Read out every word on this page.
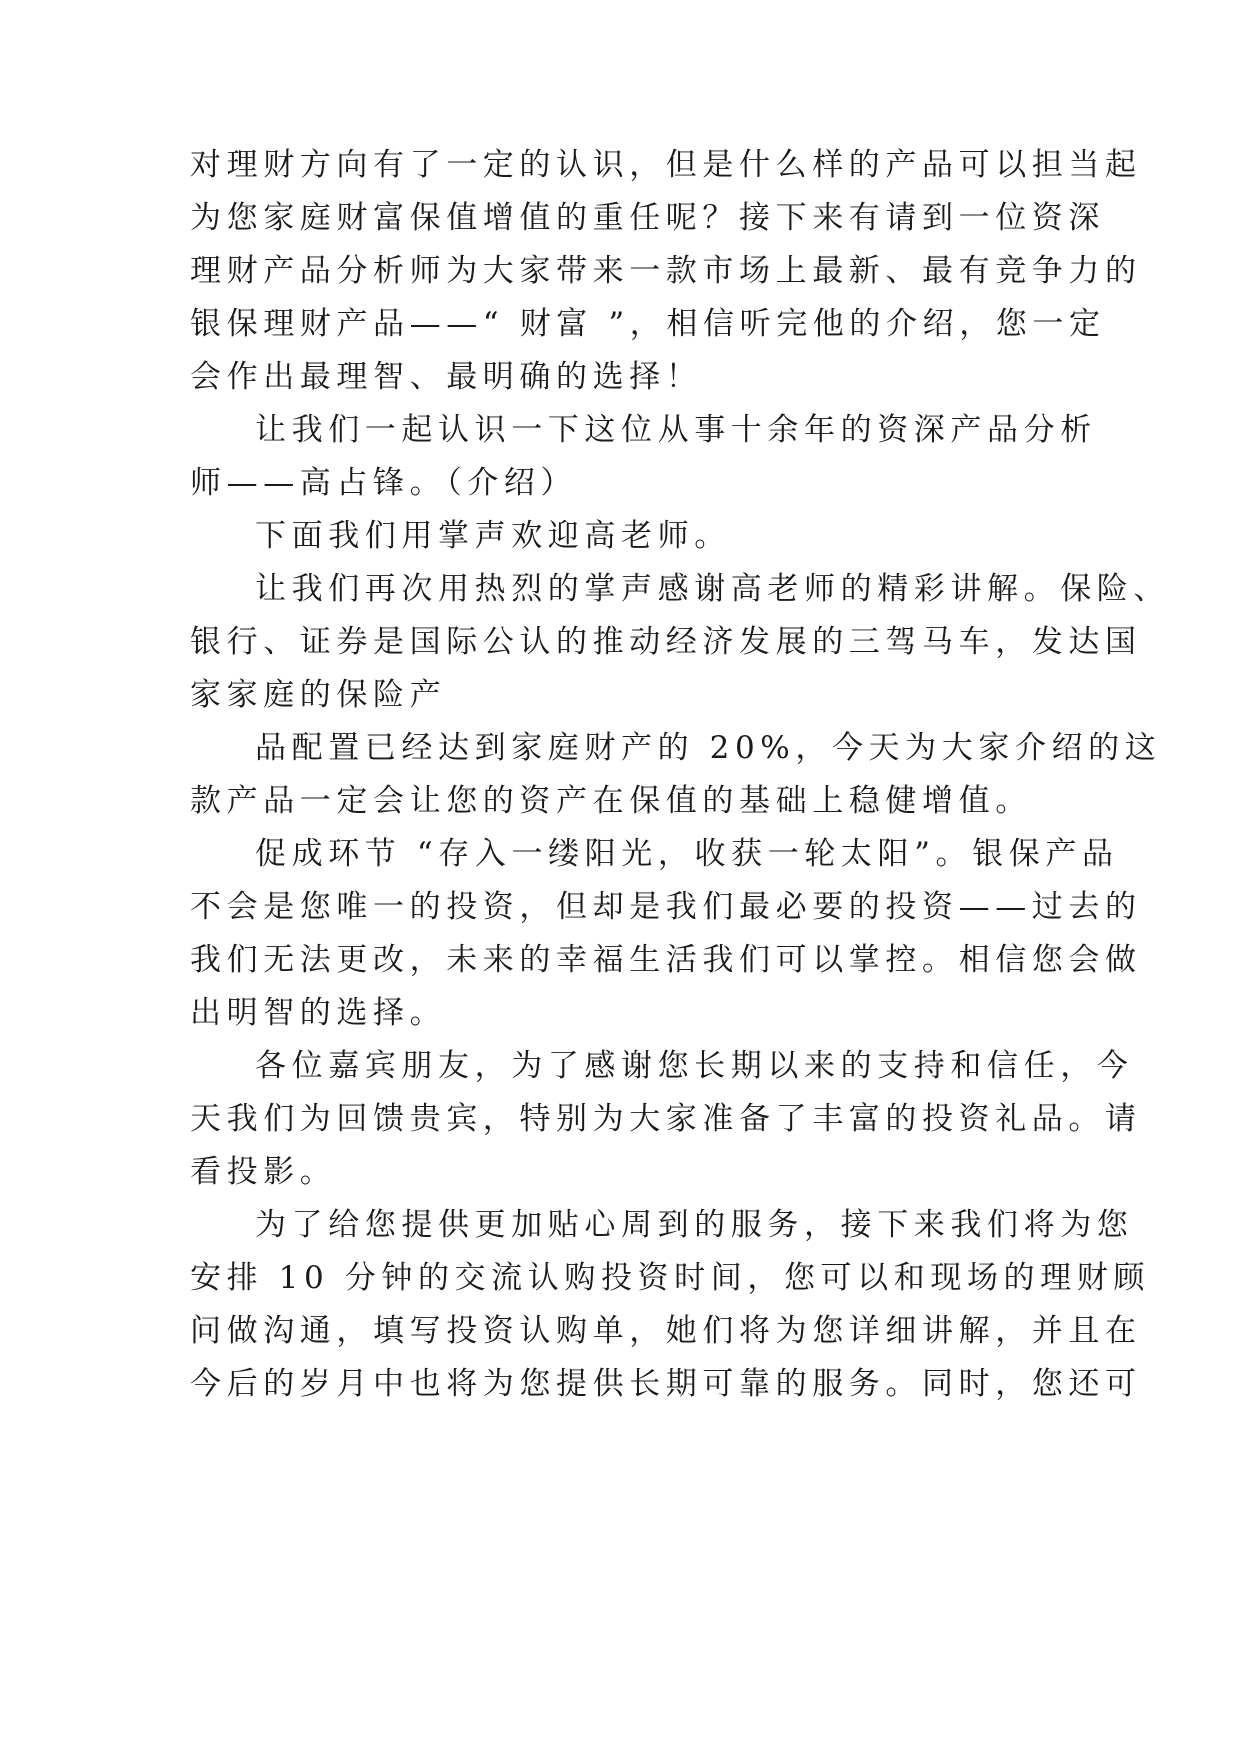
对理财方向有了一定的认识，但是什么样的产品可以担当起

为您家庭财富保值增值的重任呢？接下来有请到一位资深

理财产品分析师为大家带来一款市场上最新、最有竞争力的

银保理财产品——“ 财富 ”，相信听完他的介绍，您一定

会作出最理智、最明确的选择！

让我们一起认识一下这位从事十余年的资深产品分析

师——高占锋。（介绍）

下面我们用掌声欢迎高老师。

让我们再次用热烈的掌声感谢高老师的精彩讲解。保险、

银行、证券是国际公认的推动经济发展的三驾马车，发达国

家家庭的保险产

品配置已经达到家庭财产的 20%，今天为大家介绍的这

款产品一定会让您的资产在保值的基础上稳健增值。

促成环节 “存入一缕阳光，收获一轮太阳”。银保产品

不会是您唯一的投资，但却是我们最必要的投资——过去的

我们无法更改，未来的幸福生活我们可以掌控。相信您会做

出明智的选择。

各位嘉宾朋友，为了感谢您长期以来的支持和信任，今

天我们为回馈贵宾，特别为大家准备了丰富的投资礼品。请

看投影。

为了给您提供更加贴心周到的服务，接下来我们将为您

安排 10 分钟的交流认购投资时间，您可以和现场的理财顾

问做沟通，填写投资认购单，她们将为您详细讲解，并且在

今后的岁月中也将为您提供长期可靠的服务。同时，您还可
